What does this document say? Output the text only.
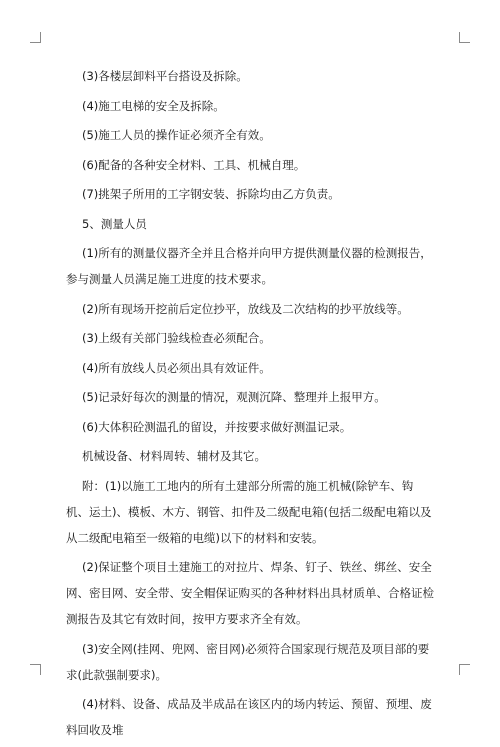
(3)各楼层卸料平台搭设及拆除。

(4)施工电梯的安全及拆除。

(5)施工人员的操作证必须齐全有效。

(6)配备的各种安全材料、工具、机械自理。

(7)挑架子所用的工字钢安装、拆除均由乙方负责。

5、测量人员

(1)所有的测量仪器齐全并且合格并向甲方提供测量仪器的检测报告，参与测量人员满足施工进度的技术要求。

(2)所有现场开挖前后定位抄平，放线及二次结构的抄平放线等。

(3)上级有关部门验线检查必须配合。

(4)所有放线人员必须出具有效证件。

(5)记录好每次的测量的情况，观测沉降、整理并上报甲方。

(6)大体积砼测温孔的留设，并按要求做好测温记录。

机械设备、材料周转、辅材及其它。

附：(1)以施工工地内的所有土建部分所需的施工机械(除铲车、钩机、运土)、模板、木方、钢管、扣件及二级配电箱(包括二级配电箱以及从二级配电箱至一级箱的电缆)以下的材料和安装。

(2)保证整个项目土建施工的对拉片、焊条、钉子、铁丝、绑丝、安全网、密目网、安全带、安全帽保证购买的各种材料出具材质单、合格证检测报告及其它有效时间，按甲方要求齐全有效。

(3)安全网(挂网、兜网、密目网)必须符合国家现行规范及项目部的要求(此款强制要求)。

(4)材料、设备、成品及半成品在该区内的场内转运、预留、预埋、废料回收及堆
